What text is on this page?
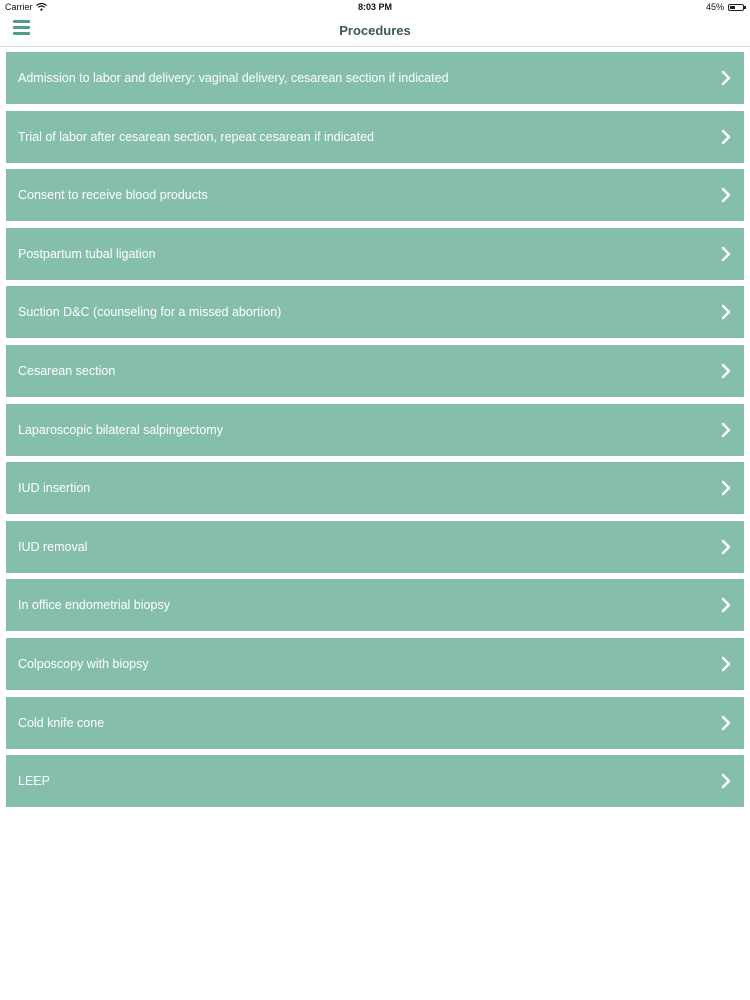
Carrier	8:03 PM	45%
Procedures
Admission to labor and delivery: vaginal delivery, cesarean section if indicated
Trial of labor after cesarean section, repeat cesarean if indicated
Consent to receive blood products
Postpartum tubal ligation
Suction D&C (counseling for a missed abortion)
Cesarean section
Laparoscopic bilateral salpingectomy
IUD insertion
IUD removal
In office endometrial biopsy
Colposcopy with biopsy
Cold knife cone
LEEP
